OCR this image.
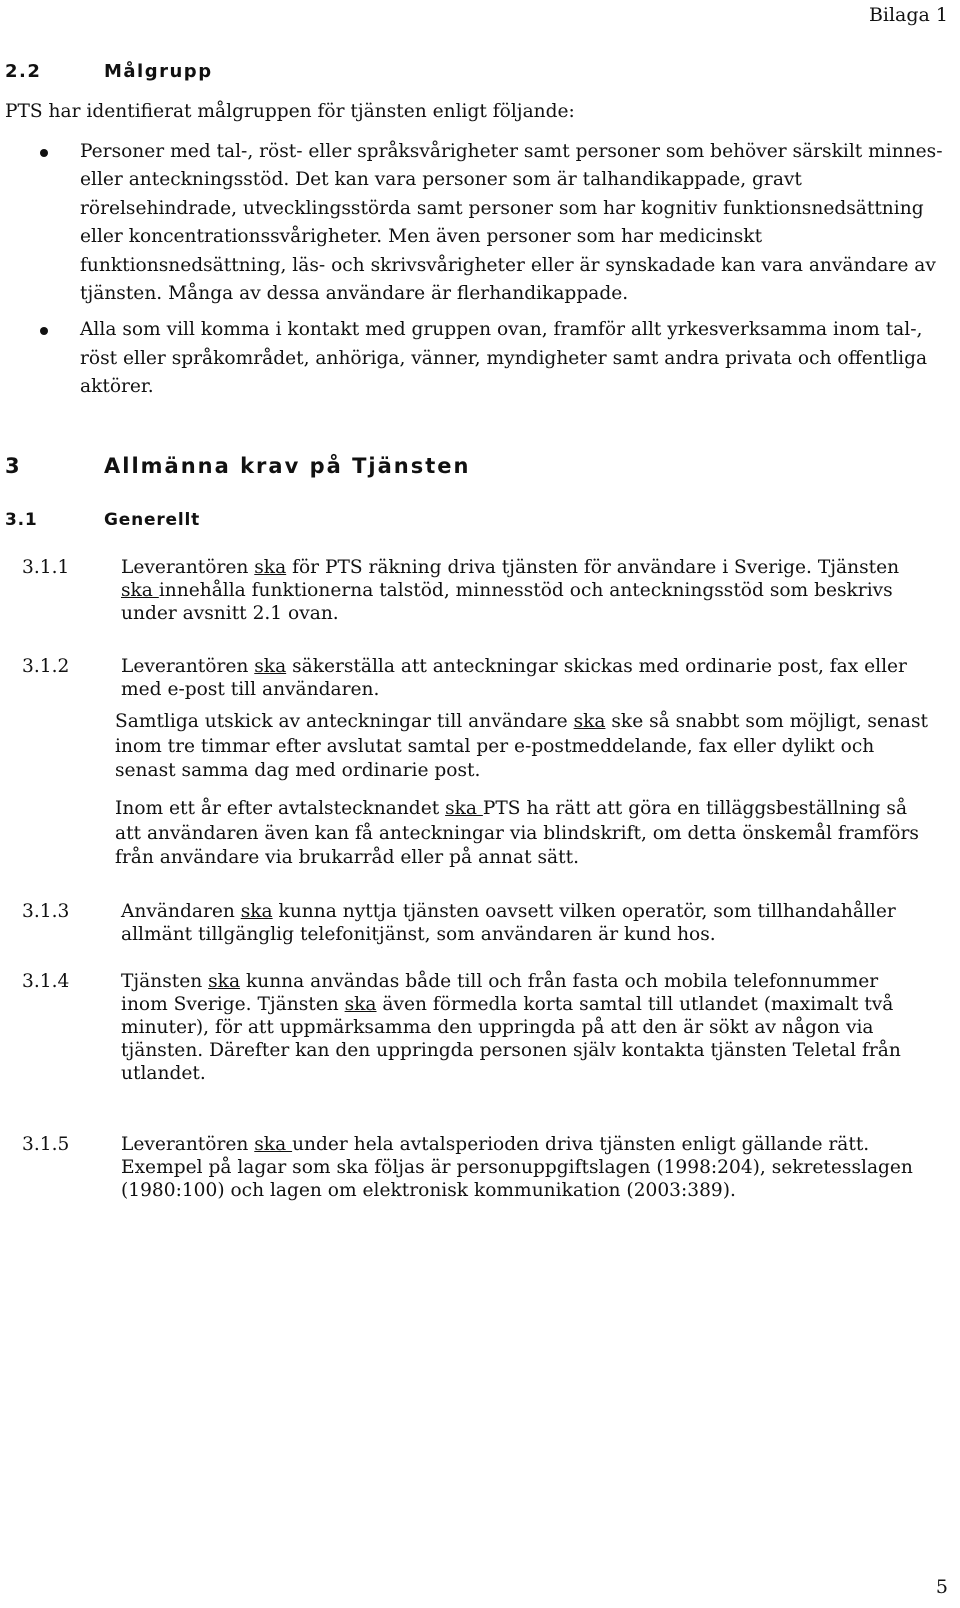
Bilaga 1
2.2	Målgrupp

PTS har identifierat målgruppen för tjänsten enligt följande:

Personer med tal-, röst- eller språksvårigheter samt personer som behöver särskilt minnes- eller anteckningsstöd. Det kan vara personer som är talhandikappade, gravt rörelsehindrade, utvecklingsstörda samt personer som har kognitiv funktionsnedsättning eller koncentrationssvårigheter. Men även personer som har medicinskt funktionsnedsättning, läs- och skrivsvårigheter eller är synskadade kan vara användare av tjänsten. Många av dessa användare är flerhandikappade.

Alla som vill komma i kontakt med gruppen ovan, framför allt yrkesverksamma inom tal-, röst eller språkområdet, anhöriga, vänner, myndigheter samt andra privata och offentliga aktörer.

3	Allmänna krav på Tjänsten
3.1	Generellt
3.1.1	Leverantören ska för PTS räkning driva tjänsten för användare i Sverige. Tjänsten ska innehålla funktionerna talstöd, minnesstöd och anteckningsstöd som beskrivs under avsnitt 2.1 ovan.
3.1.2	Leverantören ska säkerställa att anteckningar skickas med ordinarie post, fax eller med e-post till användaren.

Samtliga utskick av anteckningar till användare ska ske så snabbt som möjligt, senast inom tre timmar efter avslutat samtal per e-postmeddelande, fax eller dylikt och senast samma dag med ordinarie post.

Inom ett år efter avtalstecknandet ska PTS ha rätt att göra en tilläggsbeställning så att användaren även kan få anteckningar via blindskrift, om detta önskemål framförs från användare via brukarråd eller på annat sätt.

3.1.3	Användaren ska kunna nyttja tjänsten oavsett vilken operatör, som tillhandahåller allmänt tillgänglig telefonitjänst, som användaren är kund hos.
3.1.4	Tjänsten ska kunna användas både till och från fasta och mobila telefonnummer inom Sverige. Tjänsten ska även förmedla korta samtal till utlandet (maximalt två minuter), för att uppmärksamma den uppringda på att den är sökt av någon via tjänsten. Därefter kan den uppringda personen själv kontakta tjänsten Teletal från utlandet.
3.1.5	Leverantören ska under hela avtalsperioden driva tjänsten enligt gällande rätt. Exempel på lagar som ska följas är personuppgiftslagen (1998:204), sekretesslagen (1980:100) och lagen om elektronisk kommunikation (2003:389).
5
